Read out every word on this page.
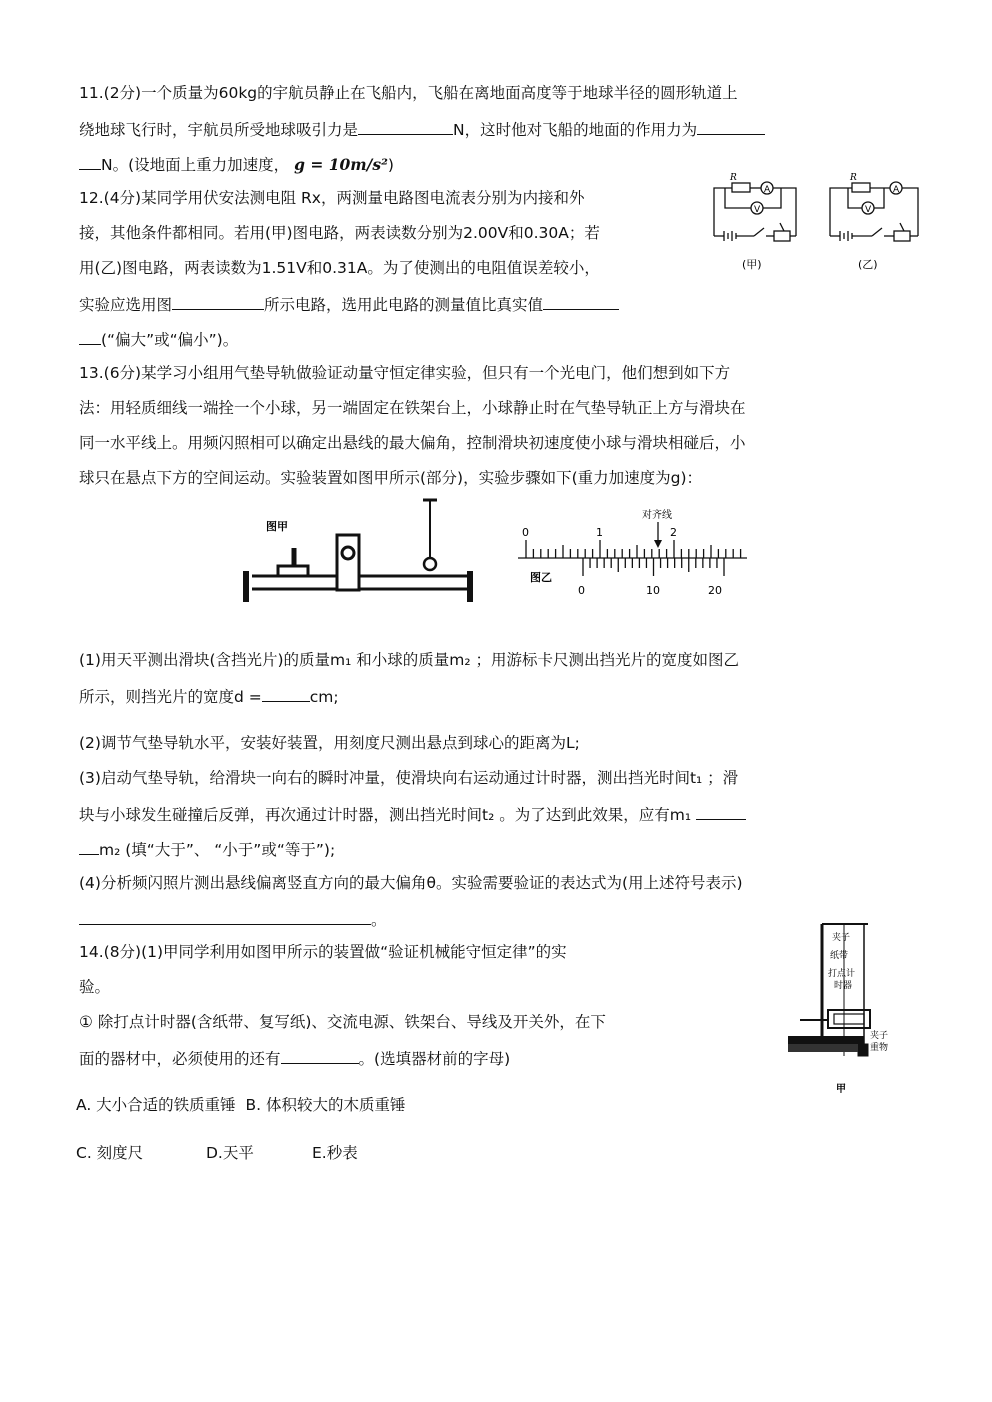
11.(2分)一个质量为60kg的宇航员静止在飞船内，飞船在离地面高度等于地球半径的圆形轨道上
绕地球飞行时，宇航员所受地球吸引力是	N，这时他对飞船的地面的作用力为
N。(设地面上重力加速度， g = 10m/s²)
12.(4分)某同学用伏安法测电阻 Rx，两测量电路图电流表分别为内接和外
接，其他条件都相同。若用(甲)图电路，两表读数分别为2.00V和0.30A；若
用(乙)图电路，两表读数为1.51V和0.31A。为了使测出的电阻值误差较小，
实验应选用图	所示电路，选用此电路的测量值比真实值
(“偏大”或“偏小”)。
R
A
V
(甲)
R
A
V
(乙)
13.(6分)某学习小组用气垫导轨做验证动量守恒定律实验，但只有一个光电门，他们想到如下方
法：用轻质细线一端拴一个小球，另一端固定在铁架台上，小球静止时在气垫导轨正上方与滑块在
同一水平线上。用频闪照相可以确定出悬线的最大偏角，控制滑块初速度使小球与滑块相碰后，小
球只在悬点下方的空间运动。实验装置如图甲所示(部分)，实验步骤如下(重力加速度为g)：
图甲	0	1	2
对齐线
图乙
0	10	20
(1)用天平测出滑块(含挡光片)的质量m₁ 和小球的质量m₂ ；用游标卡尺测出挡光片的宽度如图乙
所示，则挡光片的宽度d =	cm;
(2)调节气垫导轨水平，安装好装置，用刻度尺测出悬点到球心的距离为L;
(3)启动气垫导轨，给滑块一向右的瞬时冲量，使滑块向右运动通过计时器，测出挡光时间t₁ ；滑
块与小球发生碰撞后反弹，再次通过计时器，测出挡光时间t₂ 。为了达到此效果，应有m₁
m₂ (填“大于”、 “小于”或“等于”);
(4)分析频闪照片测出悬线偏离竖直方向的最大偏角θ。实验需要验证的表达式为(用上述符号表示)
。
14.(8分)(1)甲同学利用如图甲所示的装置做“验证机械能守恒定律”的实
验。
① 除打点计时器(含纸带、复写纸)、交流电源、铁架台、导线及开关外，在下
面的器材中，必须使用的还有	。(选填器材前的字母)
A. 大小合适的铁质重锤 B. 体积较大的木质重锤
C. 刻度尺	D.天平	E.秒表
夹子
纸带
打点计
时器
夹子
重物
甲
